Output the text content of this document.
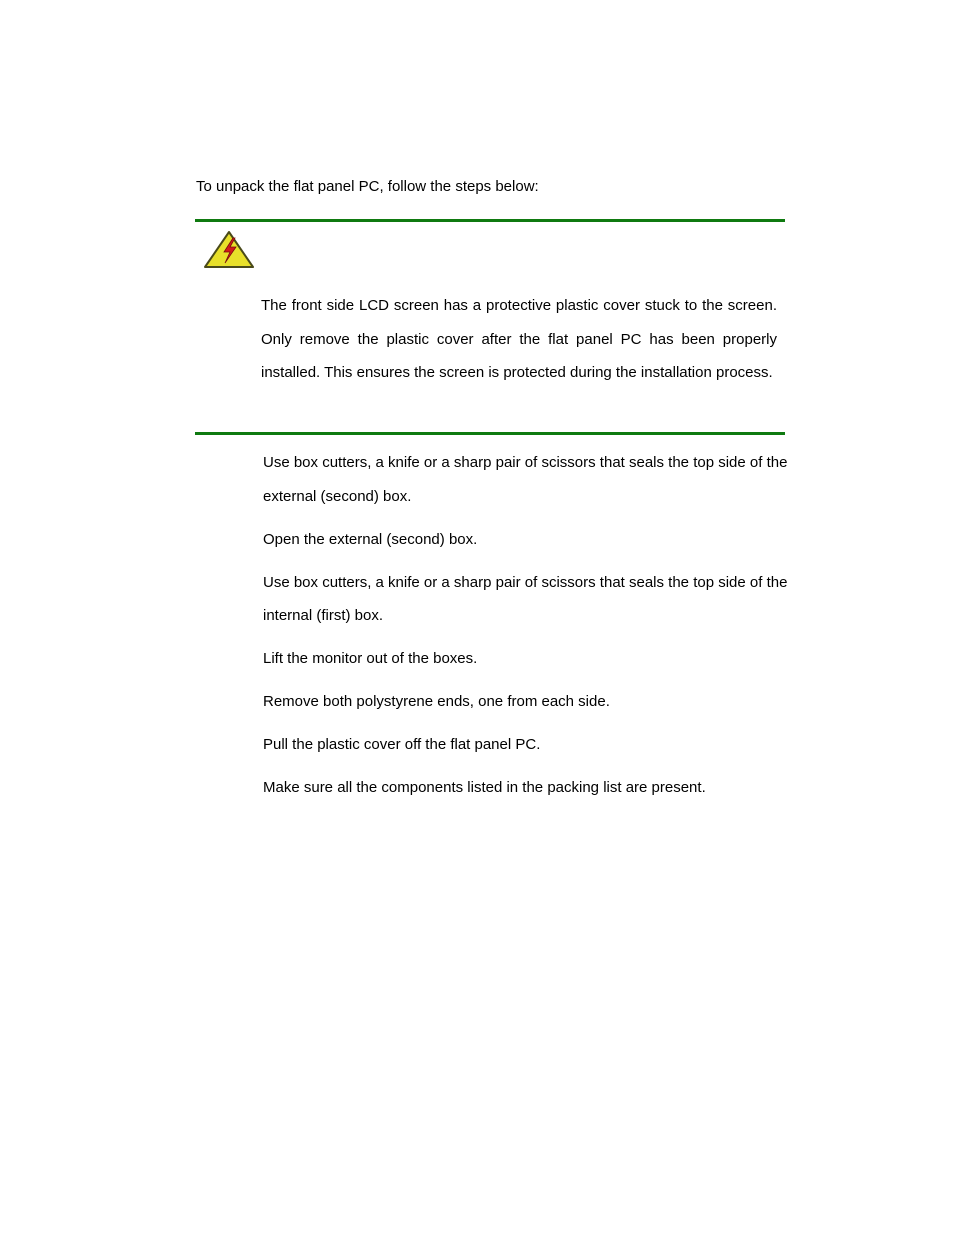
To unpack the flat panel PC, follow the steps below:

The front side LCD screen has a protective plastic cover stuck to the screen. Only remove the plastic cover after the flat panel PC has been properly installed. This ensures the screen is protected during the installation process.

Use box cutters, a knife or a sharp pair of scissors that seals the top side of the external (second) box.
Open the external (second) box.
Use box cutters, a knife or a sharp pair of scissors that seals the top side of the internal (first) box.
Lift the monitor out of the boxes.
Remove both polystyrene ends, one from each side.
Pull the plastic cover off the flat panel PC.
Make sure all the components listed in the packing list are present.
